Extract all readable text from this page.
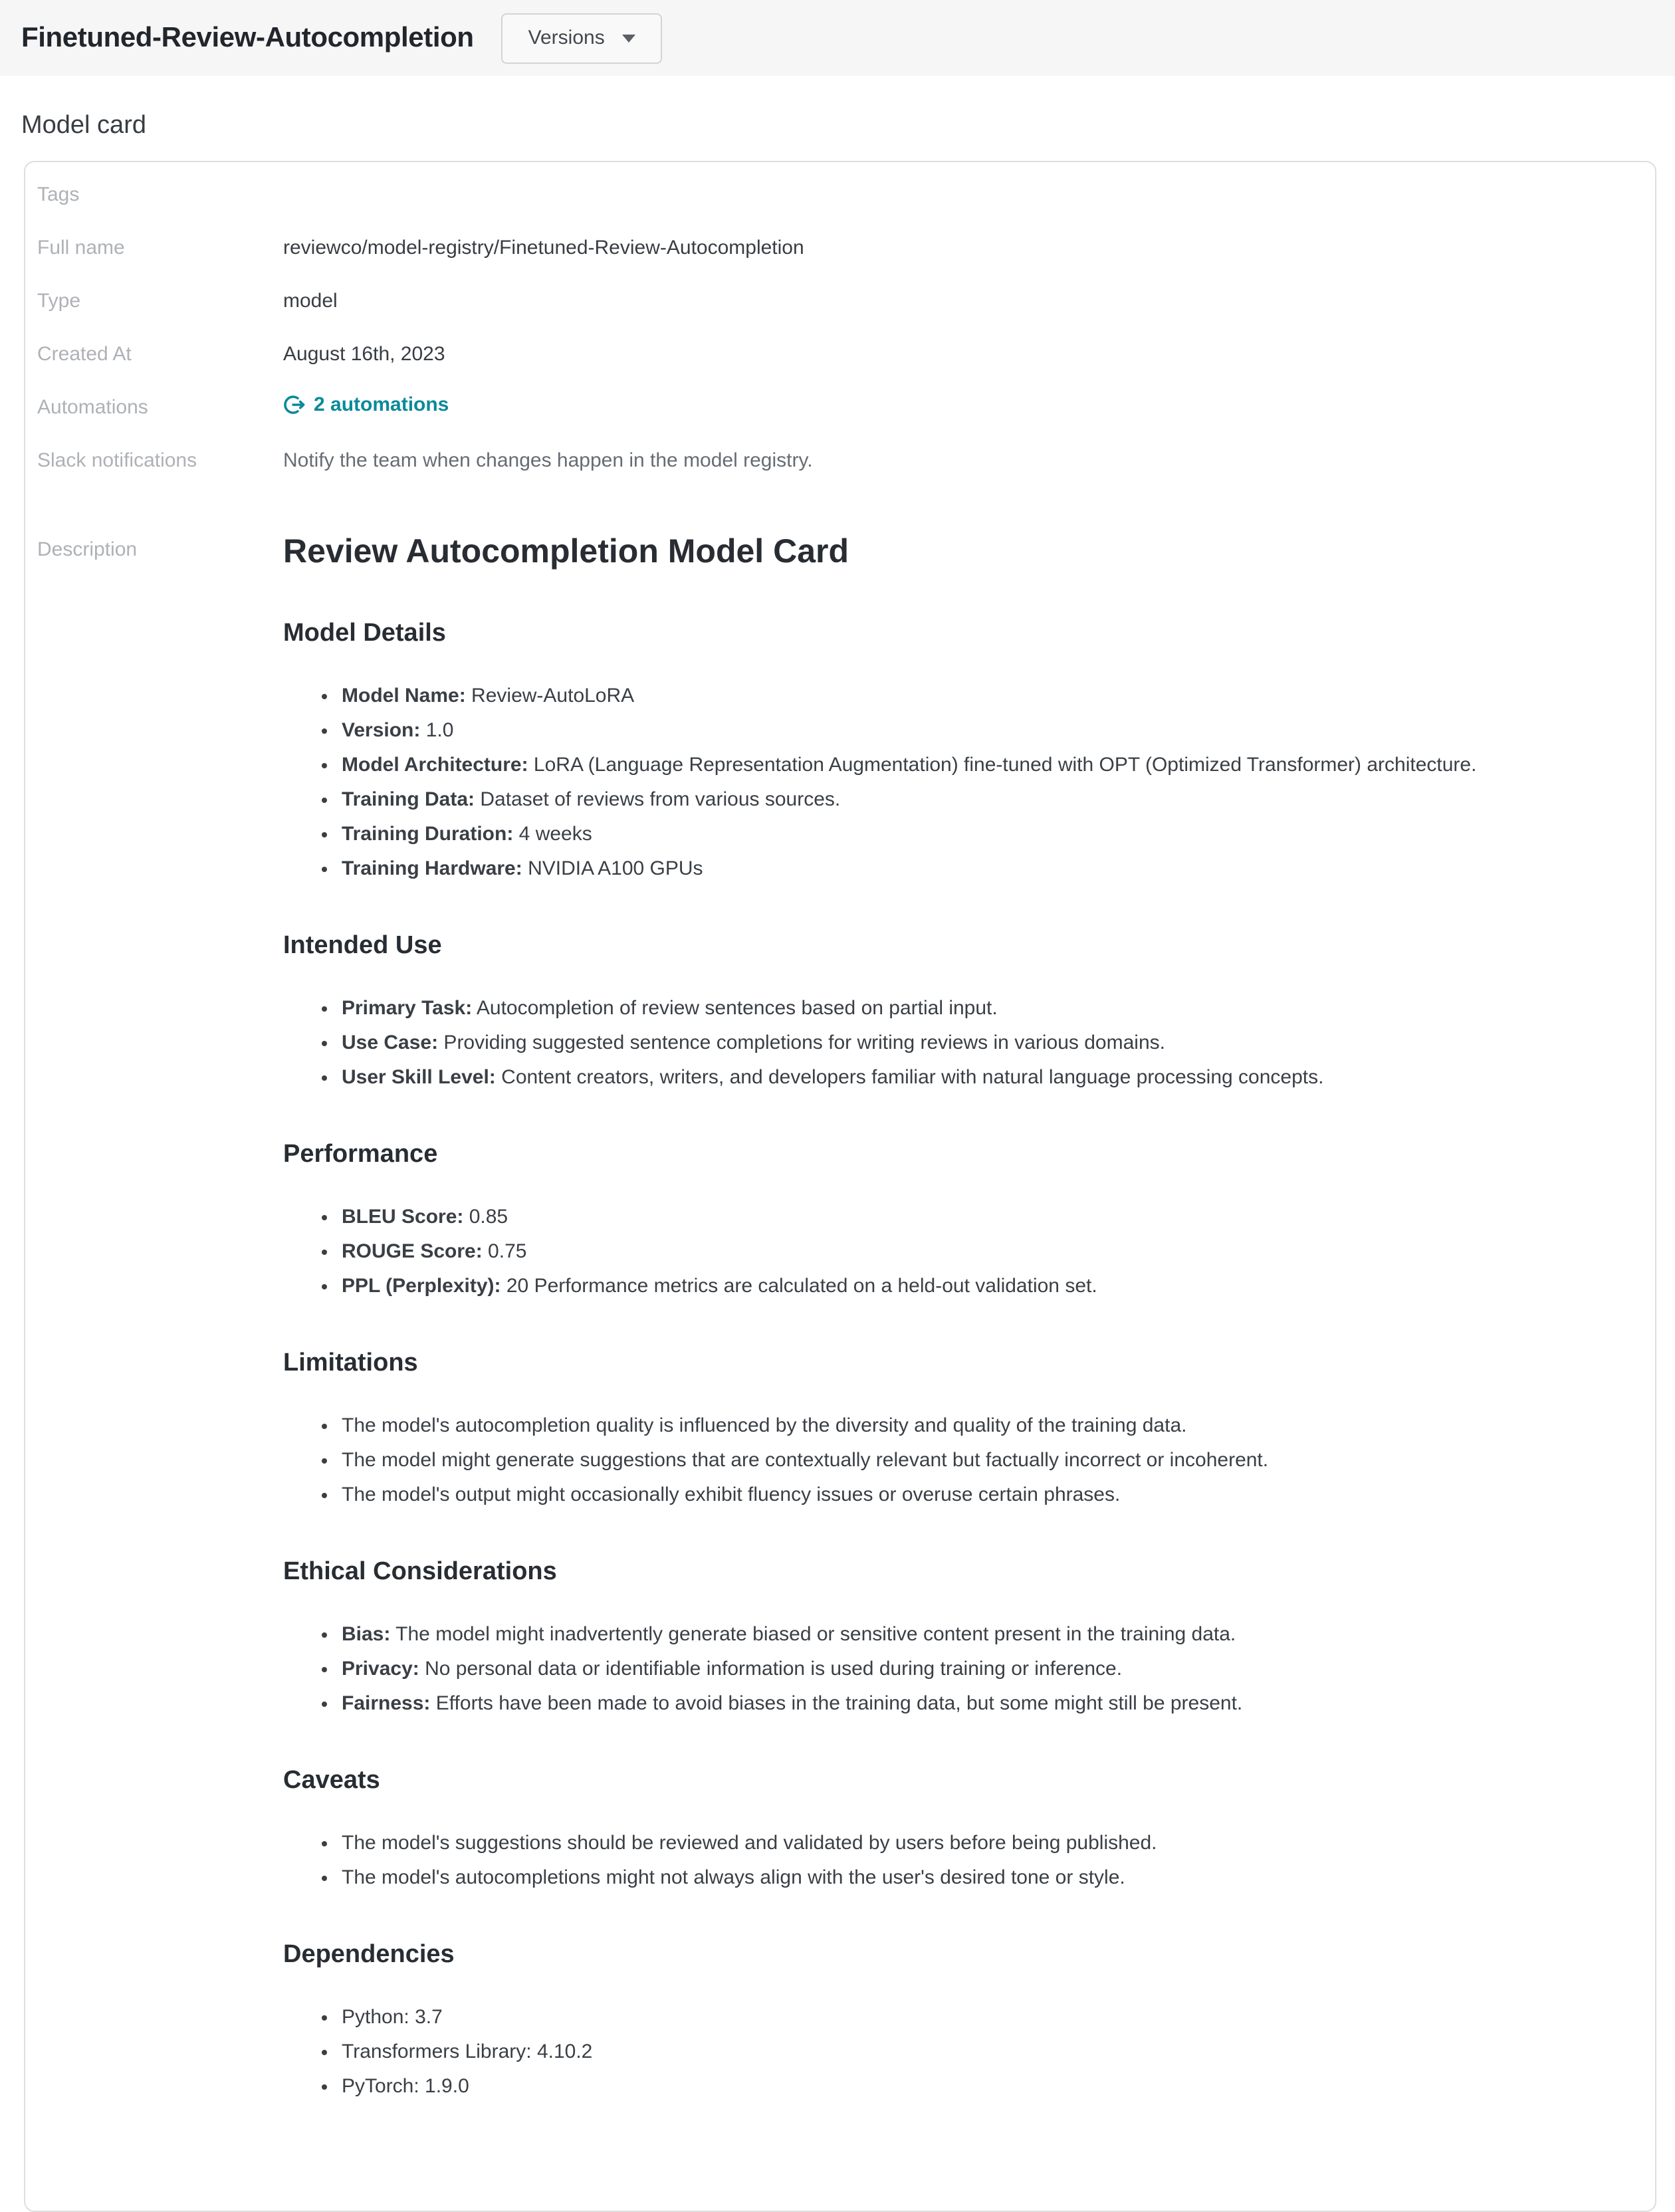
Finetuned-Review-Autocompletion	Versions
Model card
Tags
Full name	reviewco/model-registry/Finetuned-Review-Autocompletion
Type	model
Created At	August 16th, 2023
Automations	2 automations
Slack notifications	Notify the team when changes happen in the model registry.
Description	Review Autocompletion Model Card
Model Details
• Model Name: Review-AutoLoRA
• Version: 1.0
• Model Architecture: LoRA (Language Representation Augmentation) fine-tuned with OPT (Optimized Transformer) architecture.
• Training Data: Dataset of reviews from various sources.
• Training Duration: 4 weeks
• Training Hardware: NVIDIA A100 GPUs
Intended Use
• Primary Task: Autocompletion of review sentences based on partial input.
• Use Case: Providing suggested sentence completions for writing reviews in various domains.
• User Skill Level: Content creators, writers, and developers familiar with natural language processing concepts.
Performance
• BLEU Score: 0.85
• ROUGE Score: 0.75
• PPL (Perplexity): 20 Performance metrics are calculated on a held-out validation set.
Limitations
• The model's autocompletion quality is influenced by the diversity and quality of the training data.
• The model might generate suggestions that are contextually relevant but factually incorrect or incoherent.
• The model's output might occasionally exhibit fluency issues or overuse certain phrases.
Ethical Considerations
• Bias: The model might inadvertently generate biased or sensitive content present in the training data.
• Privacy: No personal data or identifiable information is used during training or inference.
• Fairness: Efforts have been made to avoid biases in the training data, but some might still be present.
Caveats
• The model's suggestions should be reviewed and validated by users before being published.
• The model's autocompletions might not always align with the user's desired tone or style.
Dependencies
• Python: 3.7
• Transformers Library: 4.10.2
• PyTorch: 1.9.0
